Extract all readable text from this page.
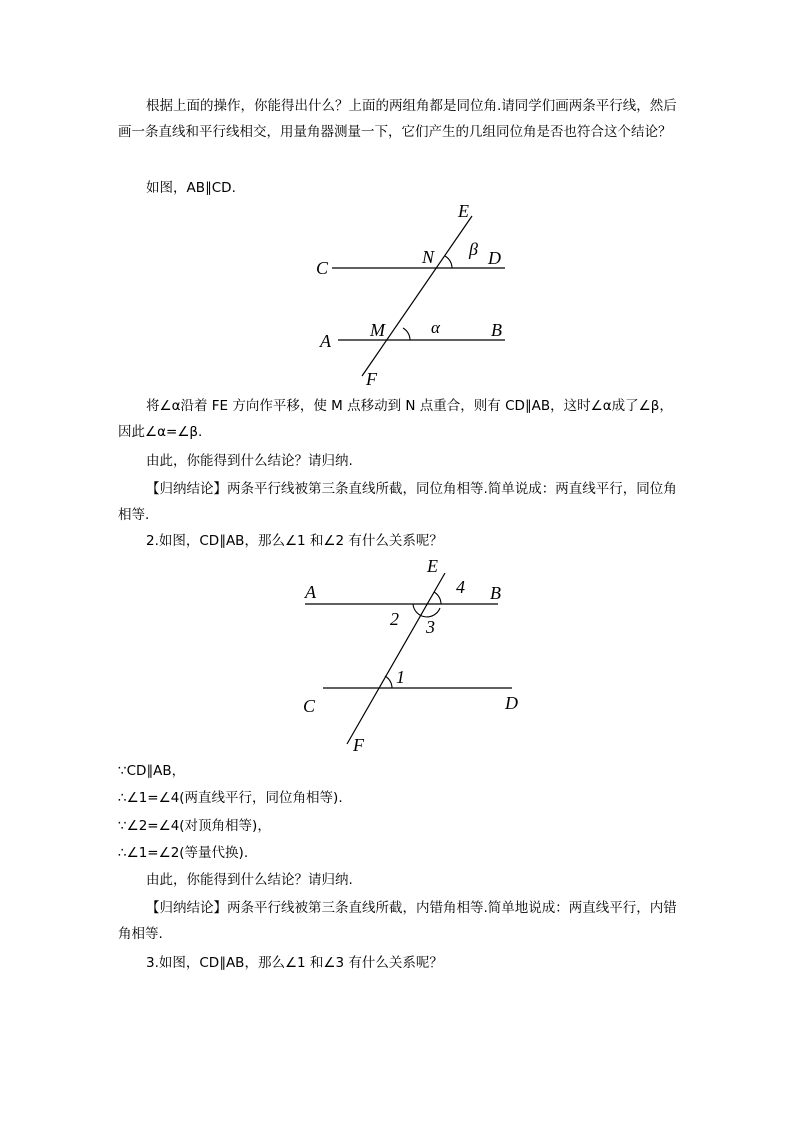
根据上面的操作，你能得出什么？上面的两组角都是同位角.请同学们画两条平行线，然后画一条直线和平行线相交，用量角器测量一下，它们产生的几组同位角是否也符合这个结论？

如图，AB∥CD.

E
N β D
C
M	α	B
A
F

将∠α沿着 FE 方向作平移，使 M 点移动到 N 点重合，则有 CD∥AB，这时∠α成了∠β，因此∠α=∠β.

由此，你能得到什么结论？请归纳.

【归纳结论】两条平行线被第三条直线所截，同位角相等.简单说成：两直线平行，同位角相等.

2.如图，CD∥AB，那么∠1 和∠2 有什么关系呢？

E
4
A	B
2 3
1
C	D
F

∵CD∥AB，

∴∠1=∠4(两直线平行，同位角相等).

∵∠2=∠4(对顶角相等)，

∴∠1=∠2(等量代换).

由此，你能得到什么结论？请归纳.

【归纳结论】两条平行线被第三条直线所截，内错角相等.简单地说成：两直线平行，内错角相等.

3.如图，CD∥AB，那么∠1 和∠3 有什么关系呢？
